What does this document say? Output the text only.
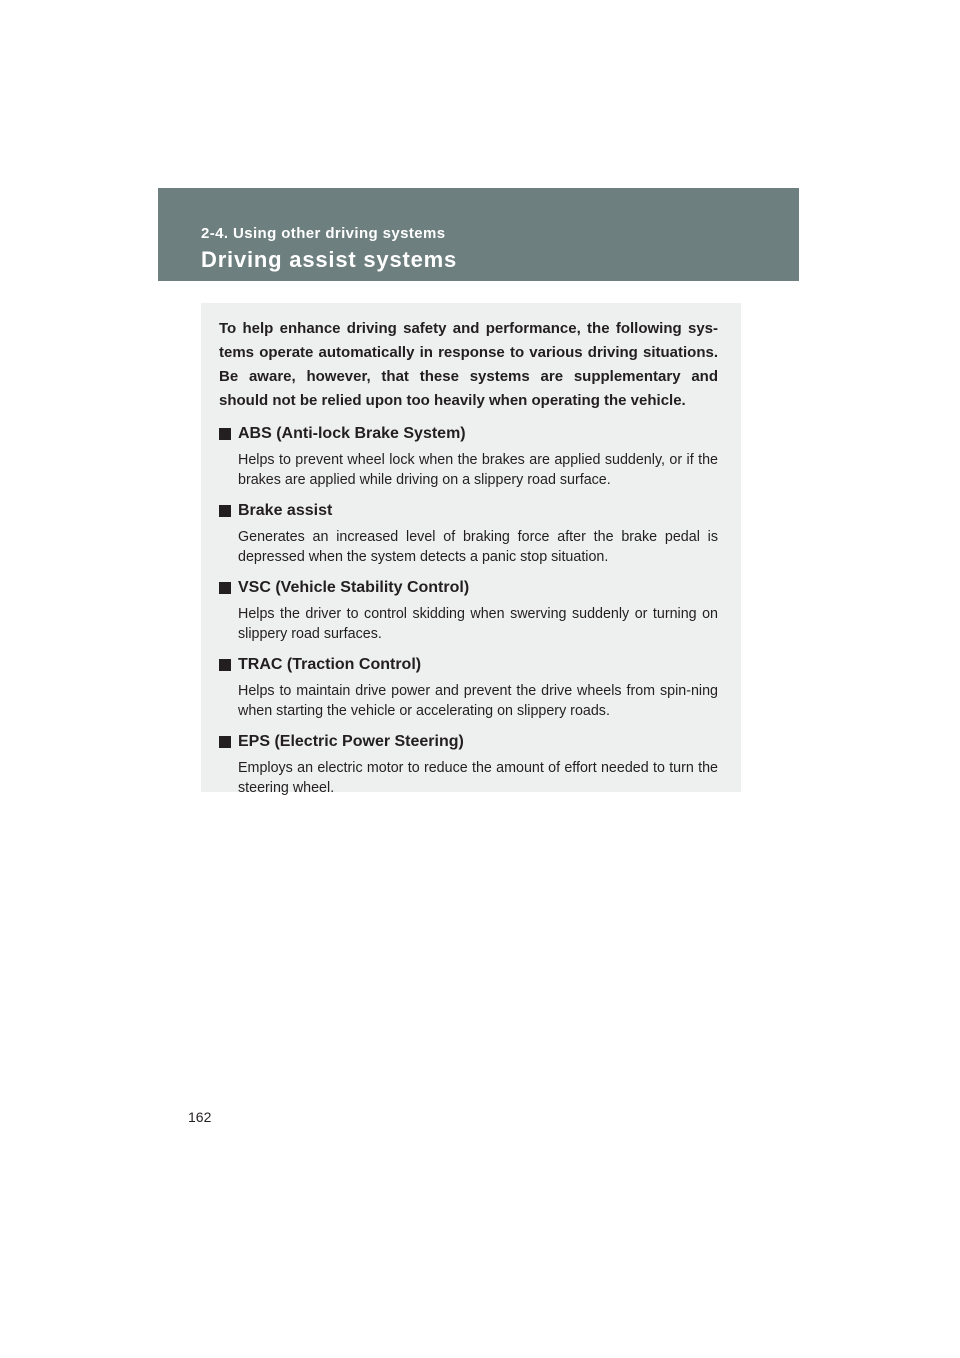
2-4. Using other driving systems
Driving assist systems

To help enhance driving safety and performance, the following sys-tems operate automatically in response to various driving situations. Be aware, however, that these systems are supplementary and should not be relied upon too heavily when operating the vehicle.

ABS (Anti-lock Brake System)

Helps to prevent wheel lock when the brakes are applied suddenly, or if the brakes are applied while driving on a slippery road surface.

Brake assist

Generates an increased level of braking force after the brake pedal is depressed when the system detects a panic stop situation.

VSC (Vehicle Stability Control)

Helps the driver to control skidding when swerving suddenly or turning on slippery road surfaces.

TRAC (Traction Control)

Helps to maintain drive power and prevent the drive wheels from spin-ning when starting the vehicle or accelerating on slippery roads.

EPS (Electric Power Steering)

Employs an electric motor to reduce the amount of effort needed to turn the steering wheel.

162
